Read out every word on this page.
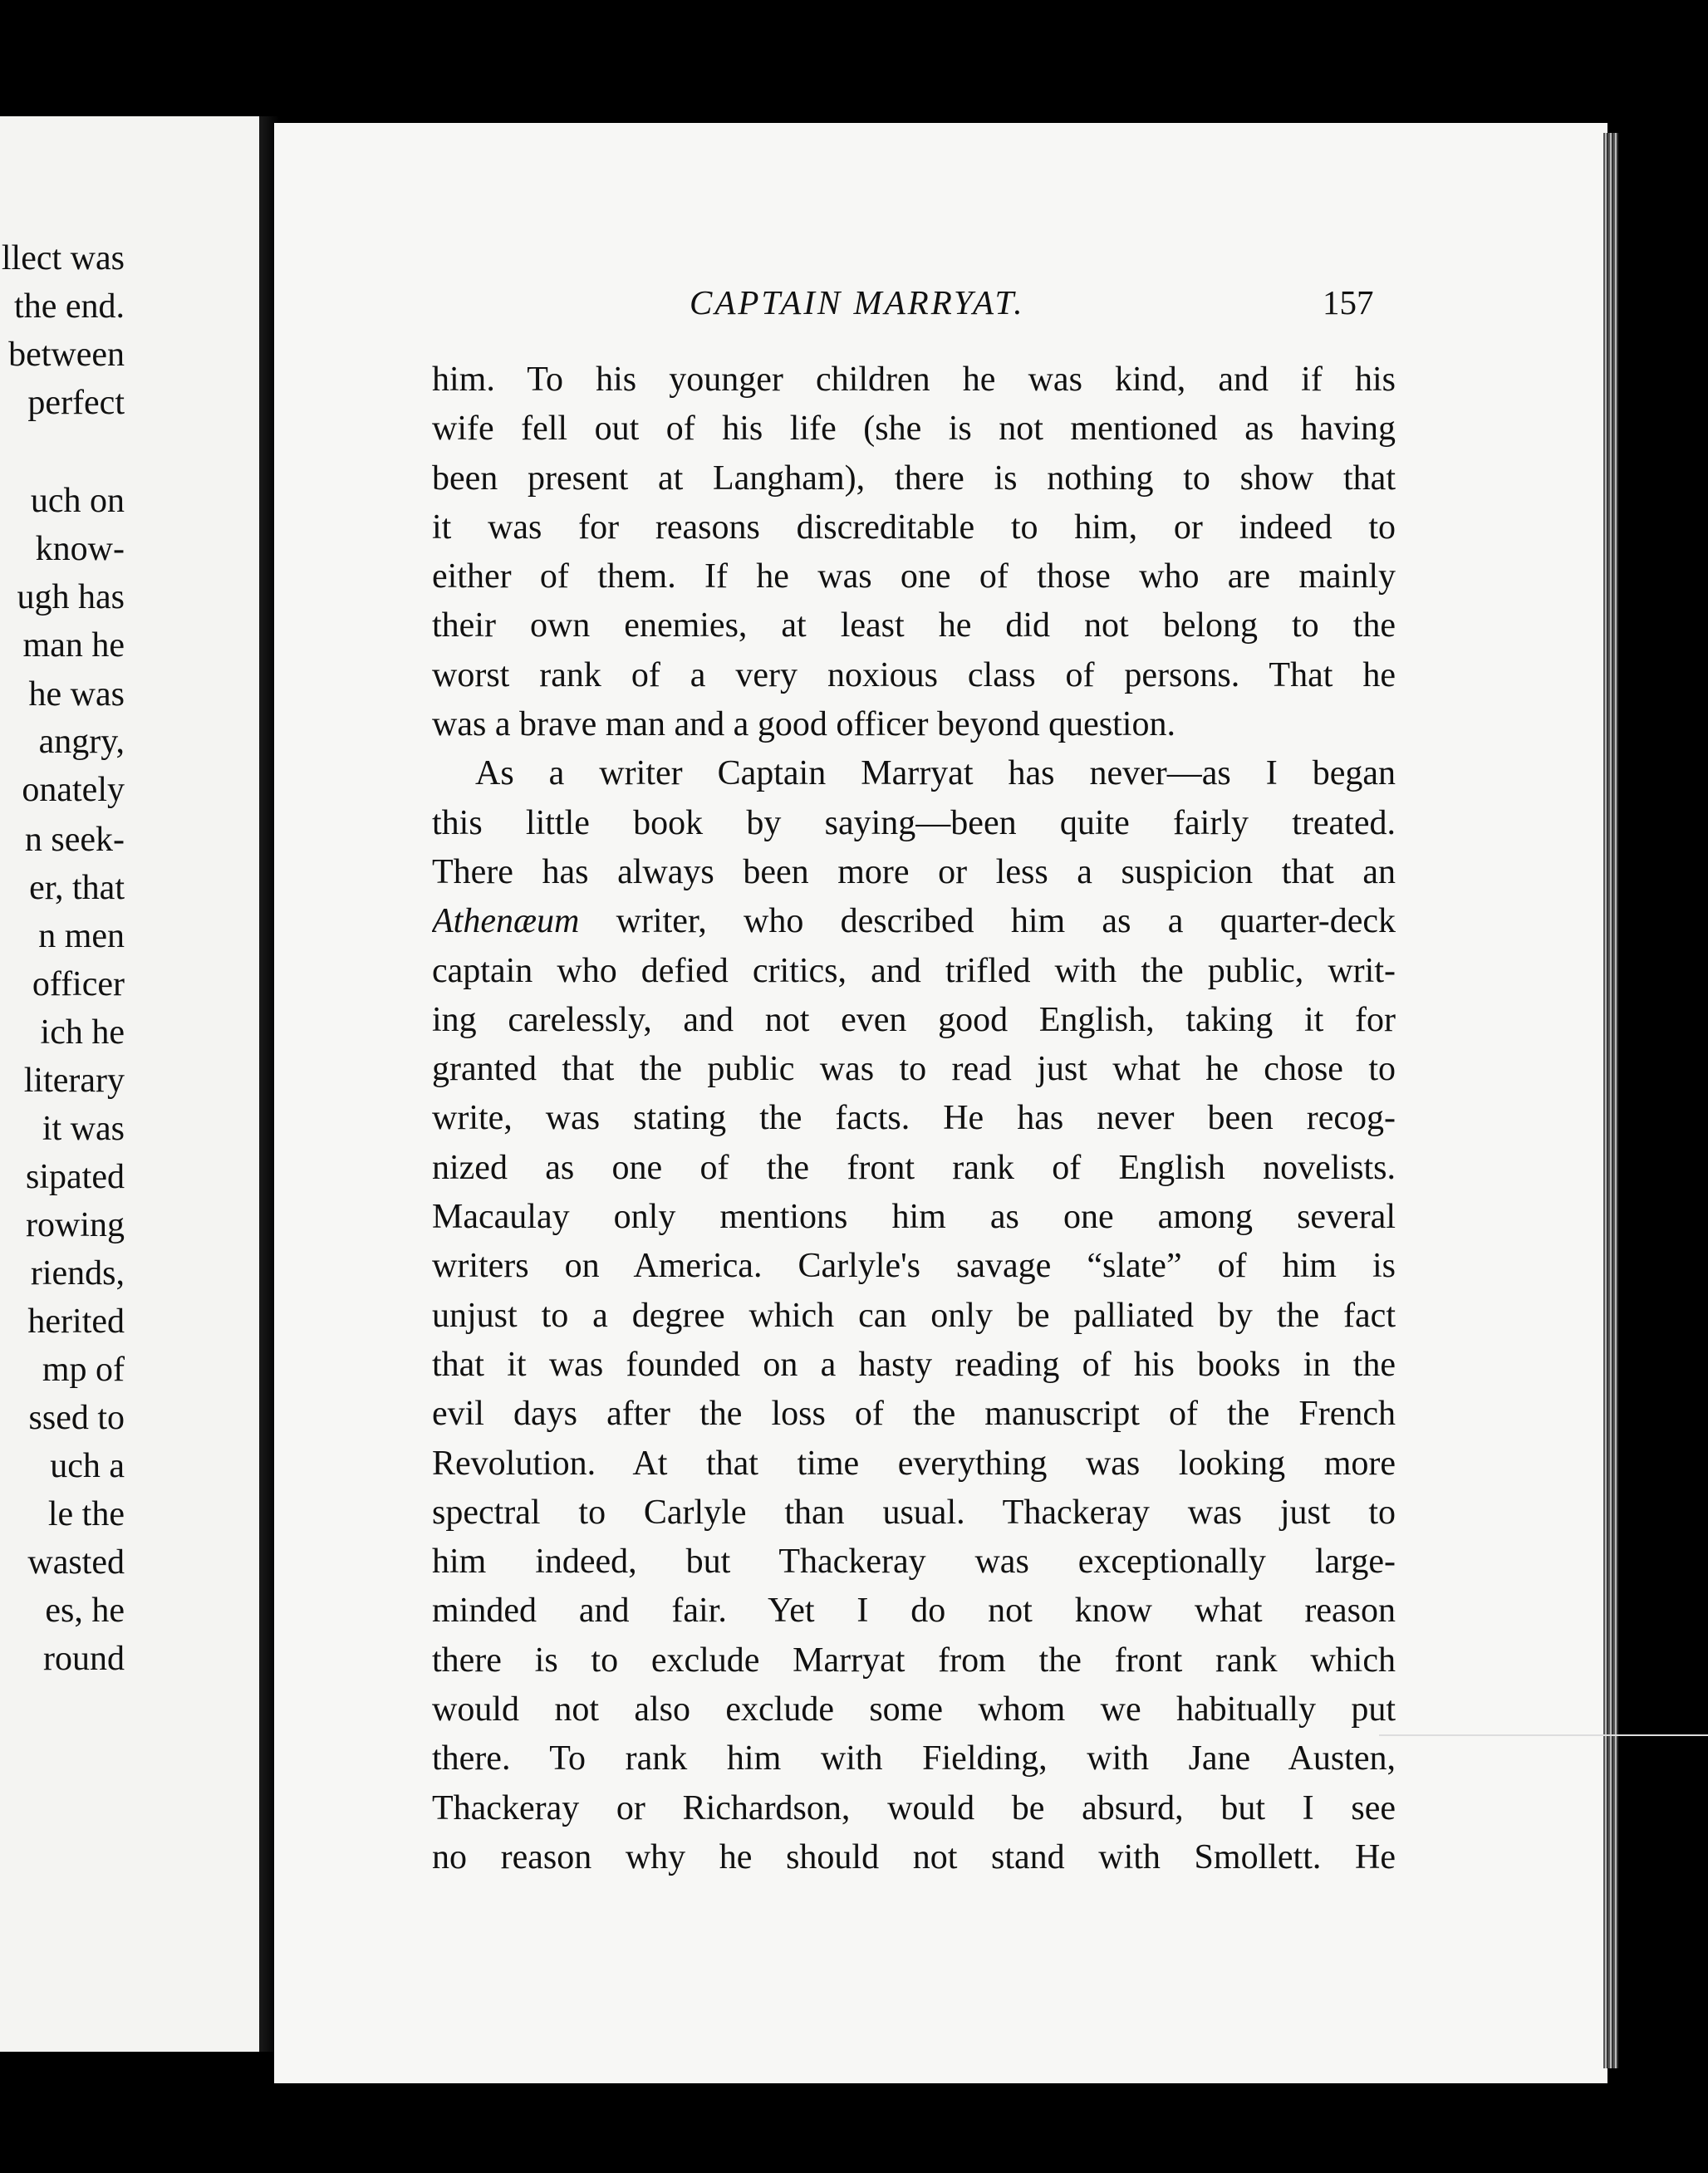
llect was
the end.
between
perfect
uch on
know-
ugh has
man he
he was
angry,
onately
n seek-
er, that
n men
officer
ich he
literary
it was
sipated
rowing
riends,
herited
mp of
ssed to
uch a
le the
wasted
es, he
round
CAPTAIN MARRYAT.	157
him. To his younger children he was kind, and if his
wife fell out of his life (she is not mentioned as having
been present at Langham), there is nothing to show that
it was for reasons discreditable to him, or indeed to
either of them. If he was one of those who are mainly
their own enemies, at least he did not belong to the
worst rank of a very noxious class of persons. That he
was a brave man and a good officer beyond question.
As a writer Captain Marryat has never—as I began
this little book by saying—been quite fairly treated.
There has always been more or less a suspicion that an
Athenæum writer, who described him as a quarter-deck
captain who defied critics, and trifled with the public, writ-
ing carelessly, and not even good English, taking it for
granted that the public was to read just what he chose to
write, was stating the facts. He has never been recog-
nized as one of the front rank of English novelists.
Macaulay only mentions him as one among several
writers on America. Carlyle's savage “slate” of him is
unjust to a degree which can only be palliated by the fact
that it was founded on a hasty reading of his books in the
evil days after the loss of the manuscript of the French
Revolution. At that time everything was looking more
spectral to Carlyle than usual. Thackeray was just to
him indeed, but Thackeray was exceptionally large-
minded and fair. Yet I do not know what reason
there is to exclude Marryat from the front rank which
would not also exclude some whom we habitually put
there. To rank him with Fielding, with Jane Austen,
Thackeray or Richardson, would be absurd, but I see
no reason why he should not stand with Smollett. He
